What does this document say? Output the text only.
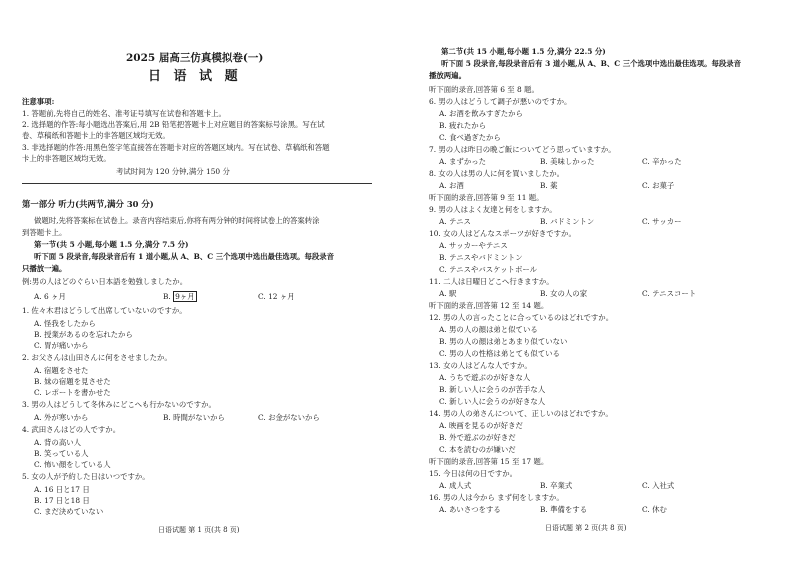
2025 届高三仿真模拟卷(一)
日 语 试 题
注意事项:
1. 答题前,先将自己的姓名、准考证号填写在试卷和答题卡上。
2. 选择题的作答:每小题选出答案后,用 2B 铅笔把答题卡上对应题目的答案标号涂黑。写在试
卷、草稿纸和答题卡上的非答题区域均无效。
3. 非选择题的作答:用黑色签字笔直接答在答题卡对应的答题区域内。写在试卷、草稿纸和答题
卡上的非答题区域均无效。
考试时间为 120 分钟,满分 150 分
第一部分 听力(共两节,满分 30 分)
做题时,先将答案标在试卷上。录音内容结束后,你将有两分钟的时间将试卷上的答案转涂
到答题卡上。
第一节(共 5 小题,每小题 1.5 分,满分 7.5 分)
听下面 5 段录音,每段录音后有 1 道小题,从 A、B、C 三个选项中选出最佳选项。每段录音
只播放一遍。
例:男の人はどのぐらい日本語を勉強しましたか。
A. 6 ヶ月	B. 9ヶ月	C. 12 ヶ月
1. 佐々木君はどうして出席していないのですか。
A. 怪我をしたから
B. 授業があるのを忘れたから
C. 胃が痛いから
2. お父さんは山田さんに何をさせましたか。
A. 宿題をさせた
B. 妹の宿題を見させた
C. レポートを書かせた
3. 男の人はどうして冬休みにどこへも行かないのですか。
A. 外が寒いから	B. 時間がないから	C. お金がないから
4. 武田さんはどの人ですか。
A. 背の高い人
B. 笑っている人
C. 怖い顔をしている人
5. 女の人が予約した日はいつですか。
A. 16 日と17 日
B. 17 日と18 日
C. まだ決めていない
日语试题 第 1 页(共 8 页)
第二节(共 15 小题,每小题 1.5 分,满分 22.5 分)
听下面 5 段录音,每段录音后有 3 道小题,从 A、B、C 三个选项中选出最佳选项。每段录音
播放两遍。
听下面的录音,回答第 6 至 8 题。
6. 男の人はどうして調子が悪いのですか。
A. お酒を飲みすぎたから
B. 疲れたから
C. 食べ過ぎたから
7. 男の人は昨日の晩ご飯についてどう思っていますか。
A. まずかった	B. 美味しかった	C. 辛かった
8. 女の人は男の人に何を買いましたか。
A. お酒	B. 薬	C. お菓子
听下面的录音,回答第 9 至 11 题。
9. 男の人はよく友達と何をしますか。
A. テニス	B. バドミントン	C. サッカー
10. 女の人はどんなスポーツが好きですか。
A. サッカーやテニス
B. テニスやバドミントン
C. テニスやバスケットボール
11. 二人は日曜日どこへ行きますか。
A. 駅	B. 女の人の家	C. テニスコート
听下面的录音,回答第 12 至 14 题。
12. 男の人の言ったことに合っているのはどれですか。
A. 男の人の顔は弟と似ている
B. 男の人の顔は弟とあまり似ていない
C. 男の人の性格は弟とても似ている
13. 女の人はどんな人ですか。
A. うちで遊ぶのが好きな人
B. 新しい人に会うのが苦手な人
C. 新しい人に会うのが好きな人
14. 男の人の弟さんについて、正しいのはどれですか。
A. 映画を見るのが好きだ
B. 外で遊ぶのが好きだ
C. 本を読むのが嫌いだ
听下面的录音,回答第 15 至 17 题。
15. 今日は何の日ですか。
A. 成人式	B. 卒業式	C. 入社式
16. 男の人は今から まず何をしますか。
A. あいさつをする	B. 準備をする	C. 休む
日语试题 第 2 页(共 8 页)
